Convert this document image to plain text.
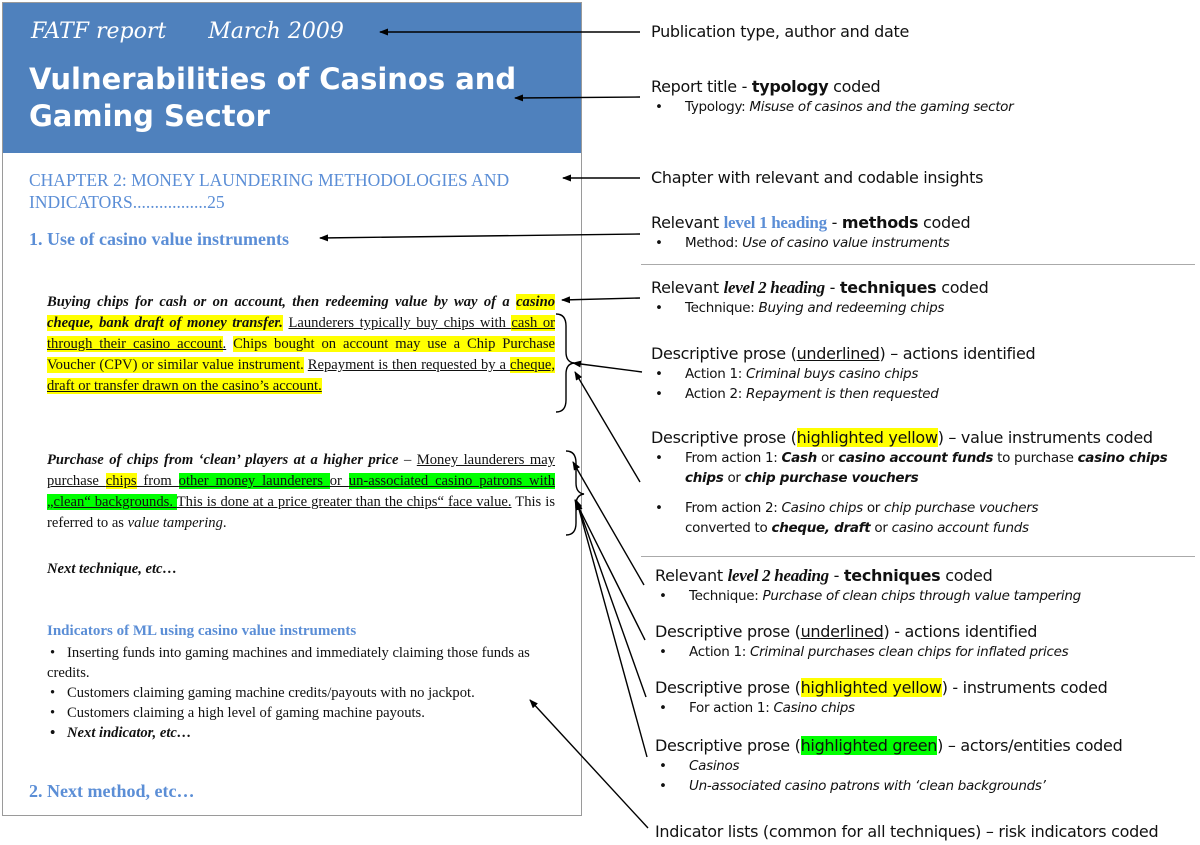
FATF report March 2009
Vulnerabilities of Casinos and Gaming Sector
CHAPTER 2: MONEY LAUNDERING METHODOLOGIES AND INDICATORS.................25
1. Use of casino value instruments
Buying chips for cash or on account, then redeeming value by way of a casino cheque, bank draft of money transfer. Launderers typically buy chips with cash or through their casino account. Chips bought on account may use a Chip Purchase Voucher (CPV) or similar value instrument. Repayment is then requested by a cheque, draft or transfer drawn on the casino’s account.
Purchase of chips from ‘clean’ players at a higher price – Money launderers may purchase chips from other money launderers or un-associated casino patrons with „clean“ backgrounds. This is done at a price greater than the chips“ face value. This is referred to as value tampering.
Next technique, etc…
Indicators of ML using casino value instruments
• Inserting funds into gaming machines and immediately claiming those funds as credits.
• Customers claiming gaming machine credits/payouts with no jackpot.
• Customers claiming a high level of gaming machine payouts.
• Next indicator, etc…
2. Next method, etc…
Publication type, author and date
Report title - typology coded
• Typology: Misuse of casinos and the gaming sector
Chapter with relevant and codable insights
Relevant level 1 heading - methods coded
• Method: Use of casino value instruments
Relevant level 2 heading - techniques coded
• Technique: Buying and redeeming chips
Descriptive prose (underlined) – actions identified
• Action 1: Criminal buys casino chips
• Action 2: Repayment is then requested
Descriptive prose (highlighted yellow) – value instruments coded
• From action 1: Cash or casino account funds to purchase casino chips

chips or chip purchase vouchers
• From action 2: Casino chips or chip purchase vouchers
converted to cheque, draft or casino account funds
Relevant level 2 heading - techniques coded
• Technique: Purchase of clean chips through value tampering
Descriptive prose (underlined) - actions identified
• Action 1: Criminal purchases clean chips for inflated prices
Descriptive prose (highlighted yellow) - instruments coded
• For action 1: Casino chips
Descriptive prose (highlighted green) – actors/entities coded
• Casinos
• Un-associated casino patrons with ‘clean backgrounds’
Indicator lists (common for all techniques) – risk indicators coded
